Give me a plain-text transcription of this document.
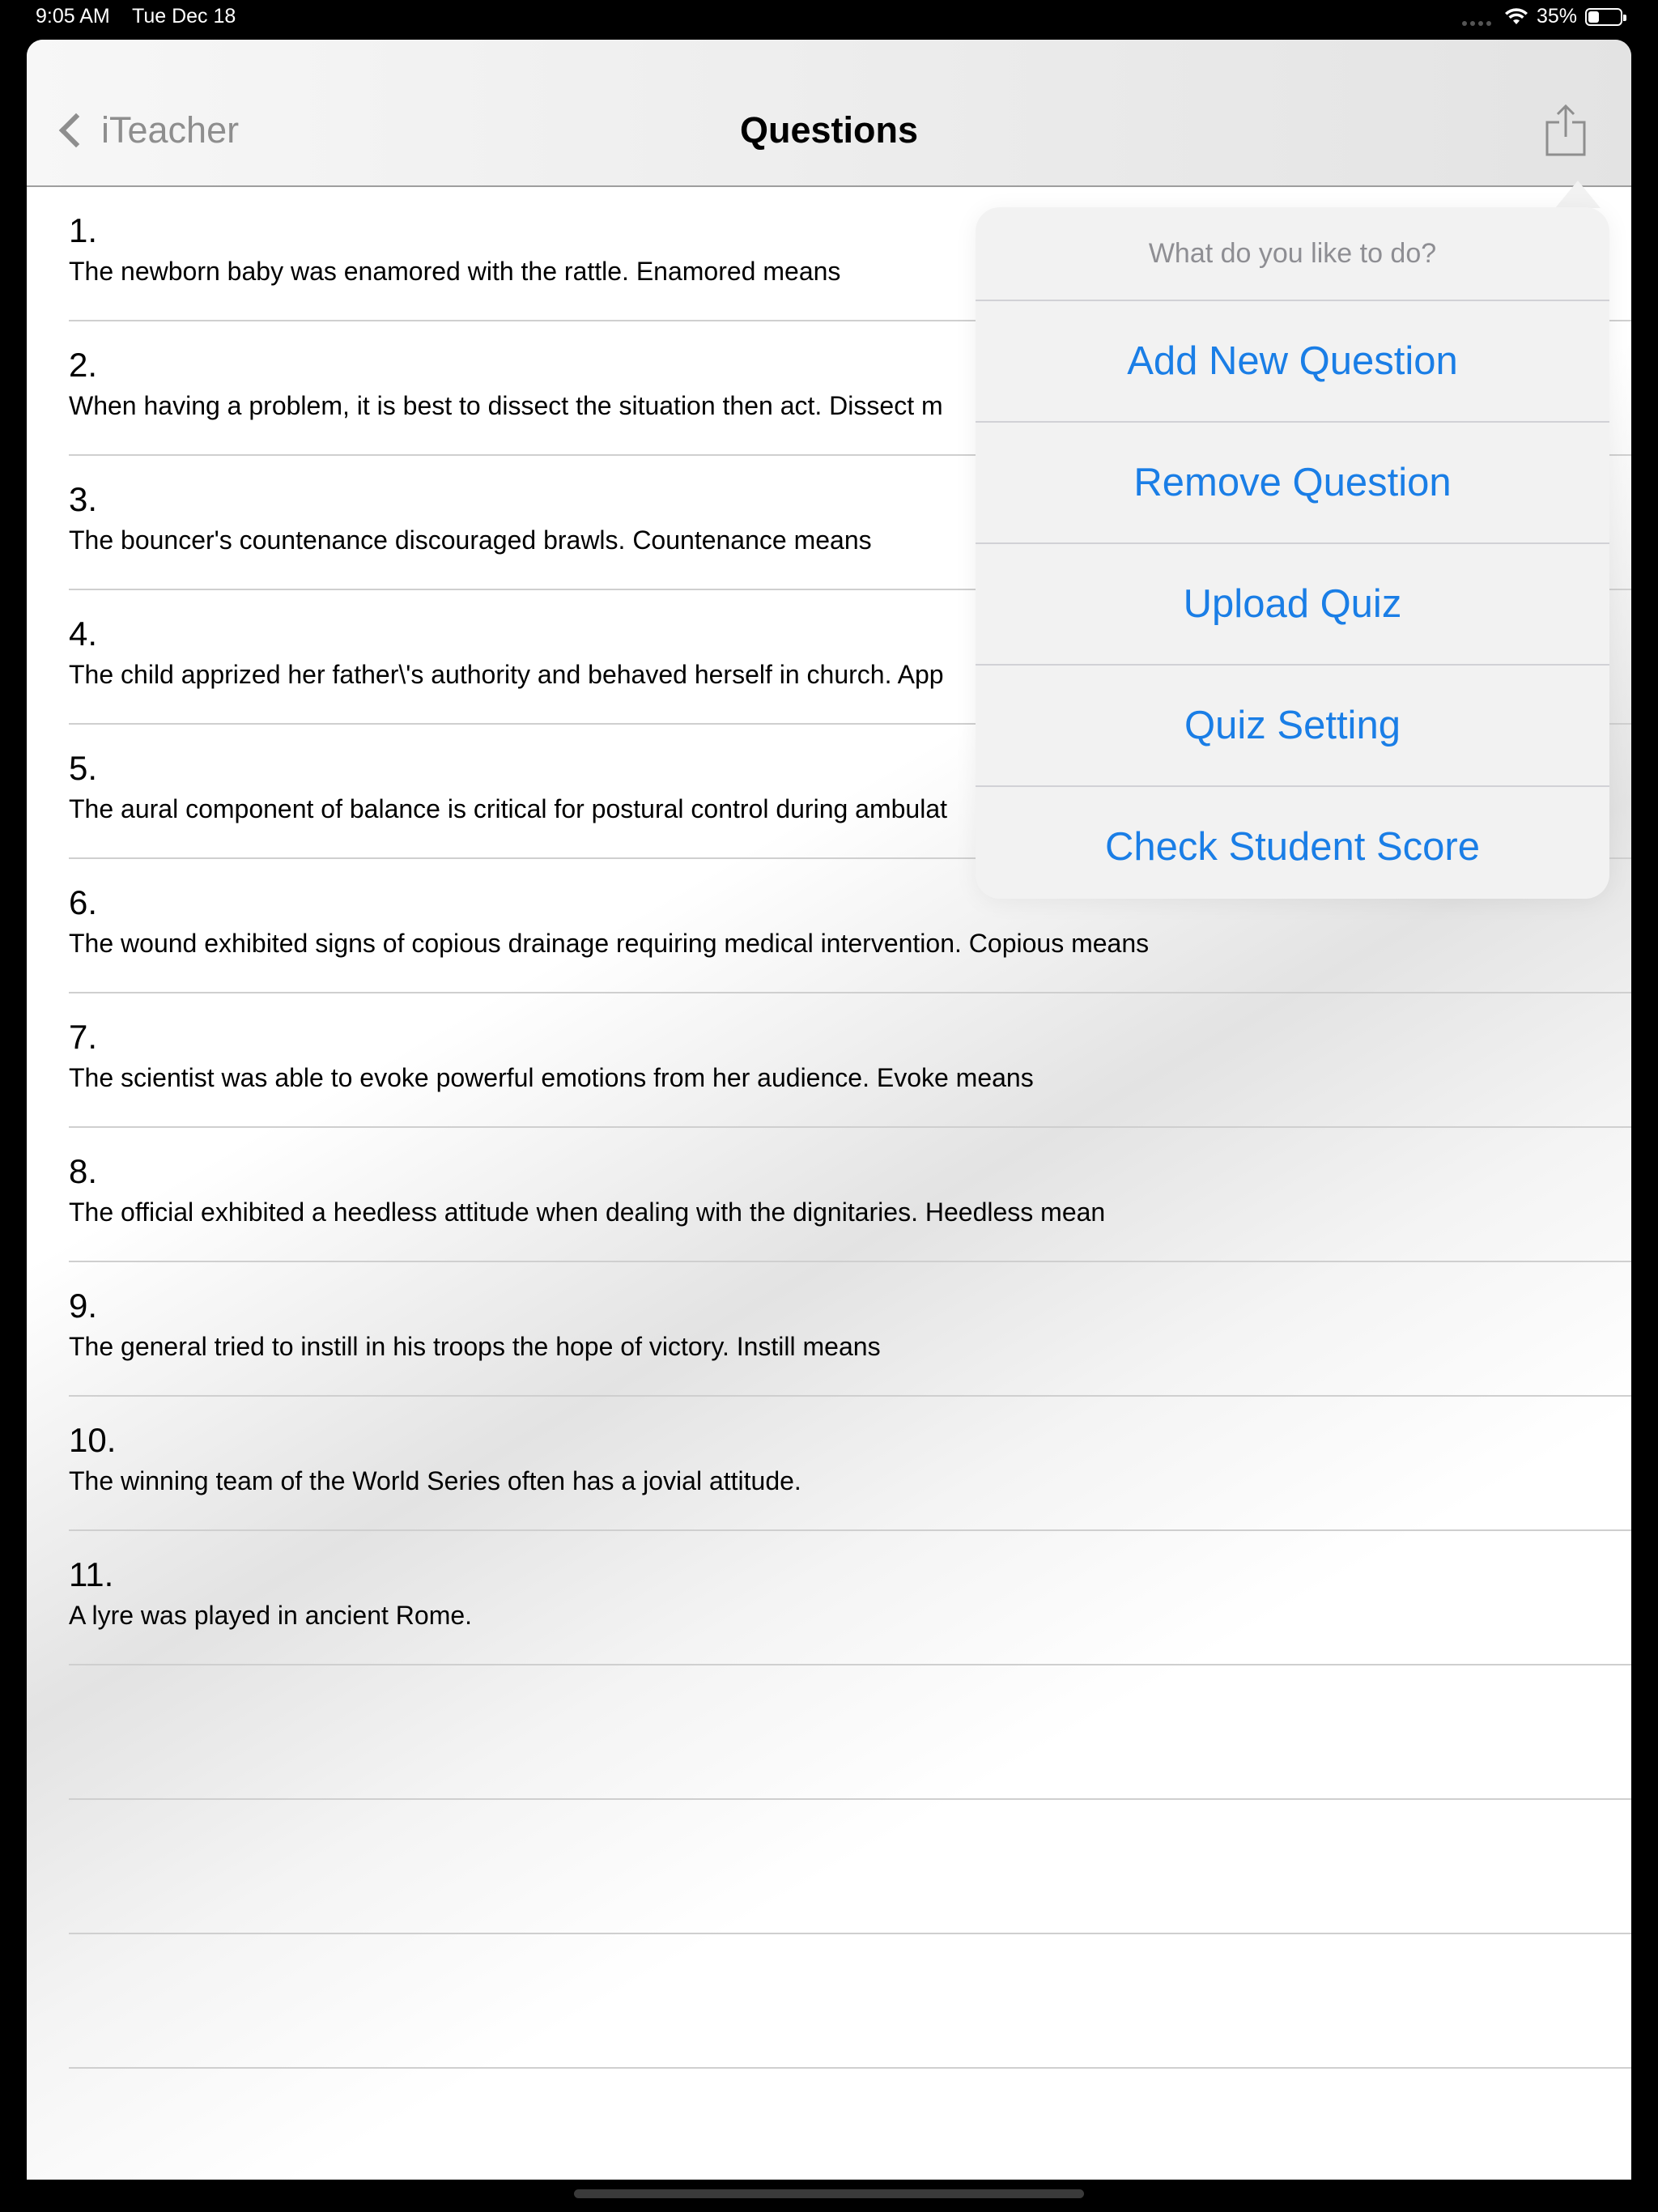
9:05 AM Tue Dec 18	35%
iTeacher	Questions
1.
The newborn baby was enamored with the rattle. Enamored means
2.
When having a problem, it is best to dissect the situation then act. Dissect m
3.
The bouncer's countenance discouraged brawls. Countenance means
4.
The child apprized her father\'s authority and behaved herself in church. App
5.
The aural component of balance is critical for postural control during ambulat
6.
The wound exhibited signs of copious drainage requiring medical intervention. Copious means
7.
The scientist was able to evoke powerful emotions from her audience. Evoke means
8.
The official exhibited a heedless attitude when dealing with the dignitaries. Heedless mean
9.
The general tried to instill in his troops the hope of victory. Instill means
10.
The winning team of the World Series often has a jovial attitude.
11.
A lyre was played in ancient Rome.
What do you like to do?
Add New Question
Remove Question
Upload Quiz
Quiz Setting
Check Student Score
